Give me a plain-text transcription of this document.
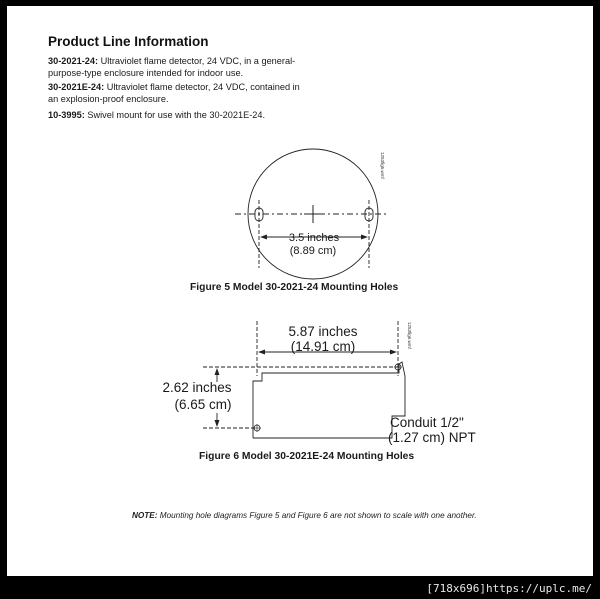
Product Line Information
30-2021-24: Ultraviolet flame detector, 24 VDC, in a general-
purpose-type enclosure intended for indoor use.
30-2021E-24: Ultraviolet flame detector, 24 VDC, contained in
an explosion-proof enclosure.
10-3995: Swivel mount for use with the 30-2021E-24.
3.5 inches
(8.89 cm)
1253fig5.wmf
5.87 inches
(14.91 cm)
2.62 inches
(6.65 cm)
Conduit 1/2"
(1.27 cm) NPT
1253fig6.wmf
Figure 5 Model 30-2021-24 Mounting Holes
Figure 6 Model 30-2021E-24 Mounting Holes
NOTE: Mounting hole diagrams Figure 5 and Figure 6 are not shown to scale with one another.
[718x696]https://uplc.me/
